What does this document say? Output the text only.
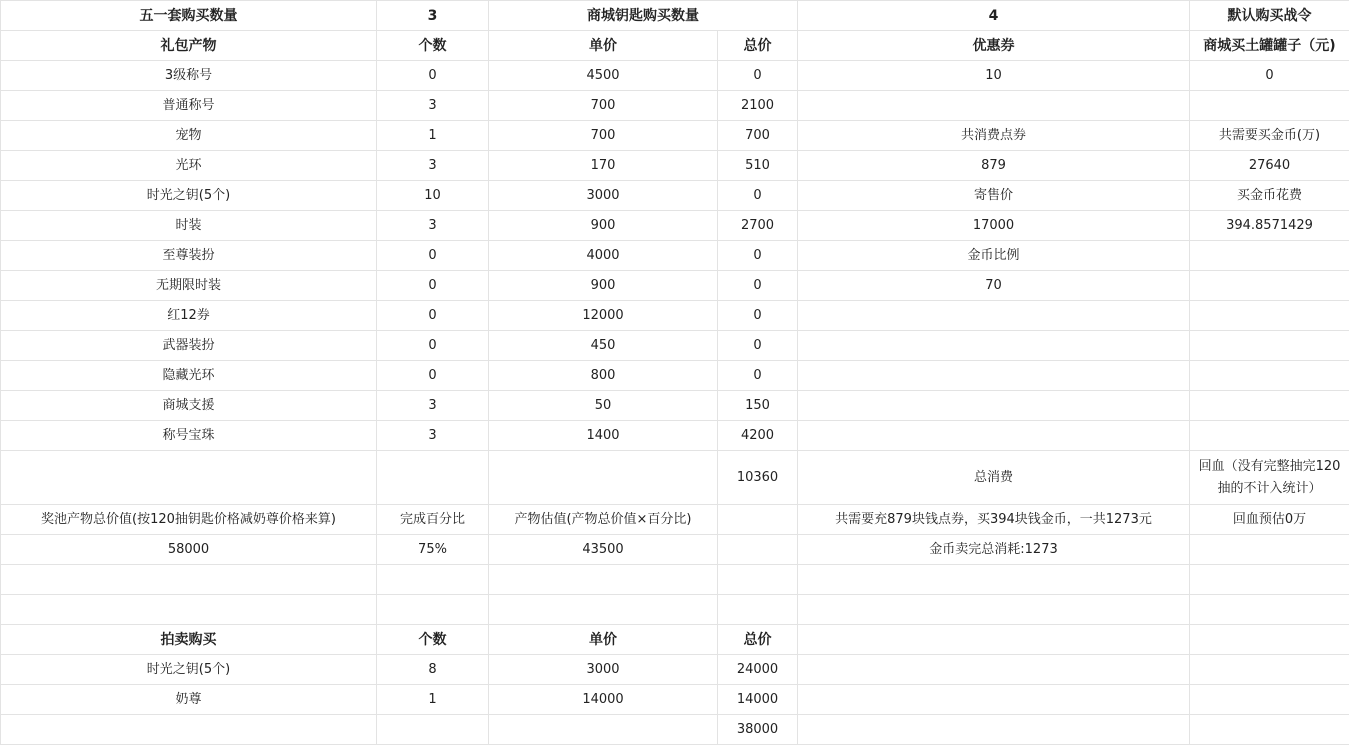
五一套购买数量	3	商城钥匙购买数量		4	默认购买战令
礼包产物	个数	单价	总价	优惠券	商城买土罐罐子（元)
3级称号	0	4500	0	10	0
普通称号	3	700	2100		
宠物	1	700	700	共消费点券	共需要买金币(万)
光环	3	170	510	879	27640
时光之钥(5个)	10	3000	0	寄售价	买金币花费
时装	3	900	2700	17000	394.8571429
至尊装扮	0	4000	0	金币比例	
无期限时装	0	900	0	70	
红12券	0	12000	0		
武器装扮	0	450	0		
隐藏光环	0	800	0		
商城支援	3	50	150		
称号宝珠	3	1400	4200		
			10360	总消费	回血（没有完整抽完120抽的不计入统计）
奖池产物总价值(按120抽钥匙价格减奶尊价格来算)	完成百分比	产物估值(产物总价值×百分比)		共需要充879块钱点券，买394块钱金币，一共1273元	回血预估0万
58000	75%	43500		金币卖完总消耗:1273	

拍卖购买	个数	单价	总价		
时光之钥(5个)	8	3000	24000		
奶尊	1	14000	14000		
			38000		
